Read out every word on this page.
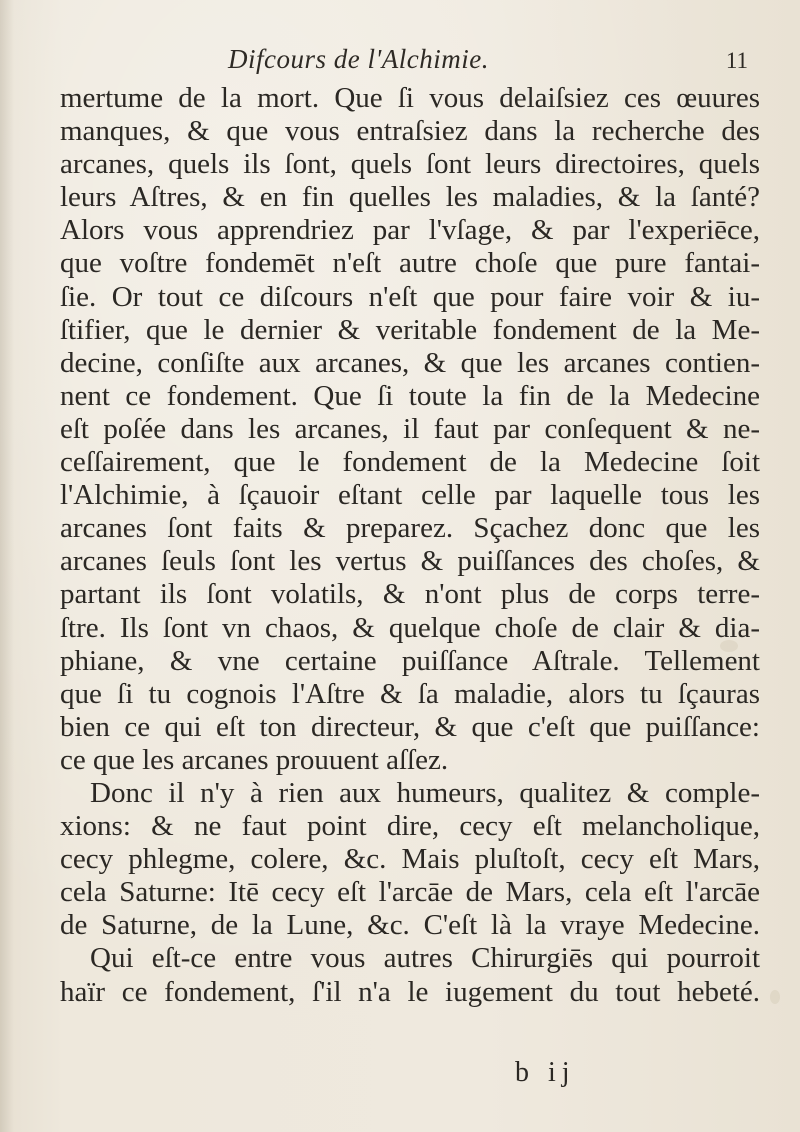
Difcours de l'Alchimie.	11
mertume de la mort. Que ſi vous delaiſsiez ces œuures
manques, & que vous entraſsiez dans la recherche des
arcanes, quels ils ſont, quels ſont leurs directoires, quels
leurs Aſtres, & en fin quelles les maladies, & la ſanté?
Alors vous apprendriez par l'vſage, & par l'experiēce,
que voſtre fondemēt n'eſt autre choſe que pure fantai-
ſie. Or tout ce diſcours n'eſt que pour faire voir & iu-
ſtifier, que le dernier & veritable fondement de la Me-
decine, conſiſte aux arcanes, & que les arcanes contien-
nent ce fondement. Que ſi toute la fin de la Medecine
eſt poſée dans les arcanes, il faut par conſequent & ne-
ceſſairement, que le fondement de la Medecine ſoit
l'Alchimie, à ſçauoir eſtant celle par laquelle tous les
arcanes ſont faits & preparez. Sçachez donc que les
arcanes ſeuls ſont les vertus & puiſſances des choſes, &
partant ils ſont volatils, & n'ont plus de corps terre-
ſtre. Ils ſont vn chaos, & quelque choſe de clair & dia-
phiane, & vne certaine puiſſance Aſtrale. Tellement
que ſi tu cognois l'Aſtre & ſa maladie, alors tu ſçauras
bien ce qui eſt ton directeur, & que c'eſt que puiſſance:
ce que les arcanes prouuent aſſez.
Donc il n'y à rien aux humeurs, qualitez & comple-
xions: & ne faut point dire, cecy eſt melancholique,
cecy phlegme, colere, &c. Mais pluſtoſt, cecy eſt Mars,
cela Saturne: Itē cecy eſt l'arcāe de Mars, cela eſt l'arcāe
de Saturne, de la Lune, &c. C'eſt là la vraye Medecine.
Qui eſt-ce entre vous autres Chirurgiēs qui pourroit
haïr ce fondement, ſ'il n'a le iugement du tout hebeté.
b ij
